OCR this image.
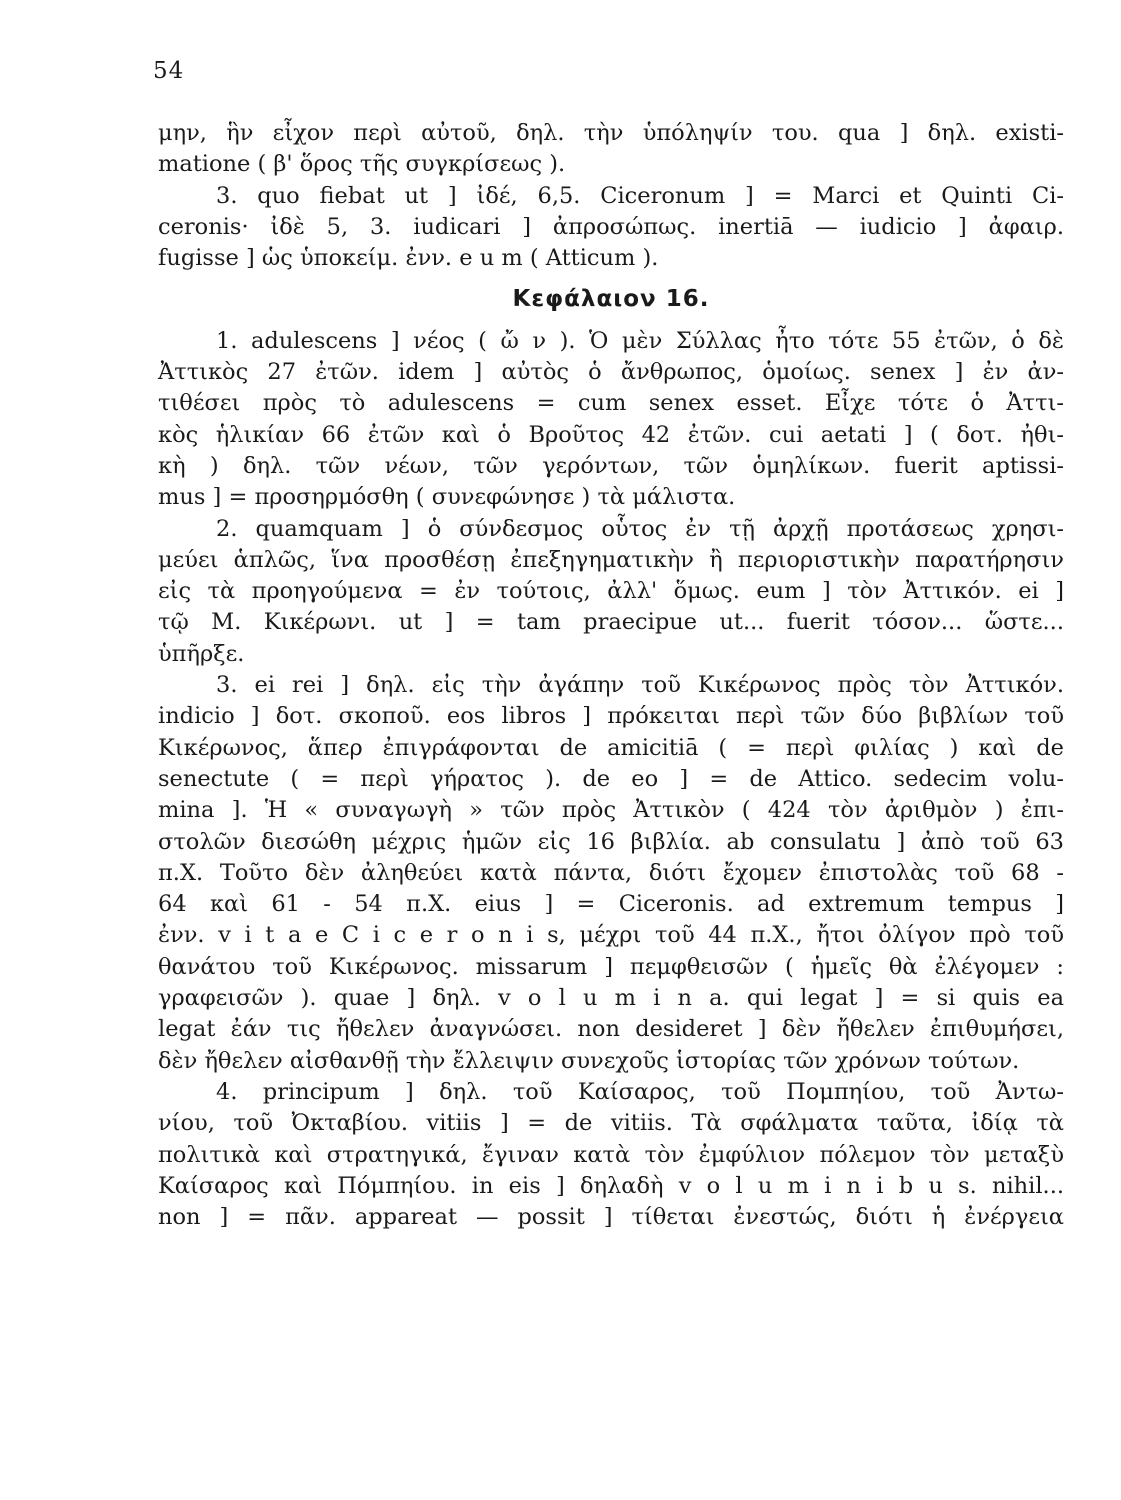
54
μην, ἣν εἶχον περὶ αὐτοῦ, δηλ. τὴν ὑπόληψίν του. qua ] δηλ. existi-
matione ( β' ὅρος τῆς συγκρίσεως ).
3. quo fiebat ut ] ἰδέ, 6,5. Ciceronum ] = Marci et Quinti Ci-
ceronis· ἰδὲ 5, 3. iudicari ] ἀπροσώπως. inertiā — iudicio ] ἀφαιρ.
fugisse ] ὡς ὑποκείμ. ἐνν. e u m ( Atticum ).
Κεφάλαιον 16.
1. adulescens ] νέος ( ὤ ν ). Ὁ μὲν Σύλλας ἦτο τότε 55 ἐτῶν, ὁ δὲ
Ἀττικὸς 27 ἐτῶν. idem ] αὐτὸς ὁ ἄνθρωπος, ὁμοίως. senex ] ἐν ἀν-
τιθέσει πρὸς τὸ adulescens = cum senex esset. Εἶχε τότε ὁ Ἀττι-
κὸς ἡλικίαν 66 ἐτῶν καὶ ὁ Βροῦτος 42 ἐτῶν. cui aetati ] ( δοτ. ἠθι-
κὴ ) δηλ. τῶν νέων, τῶν γερόντων, τῶν ὁμηλίκων. fuerit aptissi-
mus ] = προσηρμόσθη ( συνεφώνησε ) τὰ μάλιστα.
2. quamquam ] ὁ σύνδεσμος οὗτος ἐν τῇ ἀρχῇ προτάσεως χρησι-
μεύει ἁπλῶς, ἵνα προσθέσῃ ἐπεξηγηματικὴν ἢ περιοριστικὴν παρατήρησιν
εἰς τὰ προηγούμενα = ἐν τούτοις, ἀλλ' ὅμως. eum ] τὸν Ἀττικόν. ei ]
τῷ Μ. Κικέρωνι. ut ] = tam praecipue ut... fuerit τόσον... ὥστε...
ὑπῆρξε.
3. ei rei ] δηλ. εἰς τὴν ἀγάπην τοῦ Κικέρωνος πρὸς τὸν Ἀττικόν.
indicio ] δοτ. σκοποῦ. eos libros ] πρόκειται περὶ τῶν δύο βιβλίων τοῦ
Κικέρωνος, ἅπερ ἐπιγράφονται de amicitiā ( = περὶ φιλίας ) καὶ de
senectute ( = περὶ γήρατος ). de eo ] = de Attico. sedecim volu-
mina ]. Ἡ « συναγωγὴ » τῶν πρὸς Ἀττικὸν ( 424 τὸν ἀριθμὸν ) ἐπι-
στολῶν διεσώθη μέχρις ἡμῶν εἰς 16 βιβλία. ab consulatu ] ἀπὸ τοῦ 63
π.Χ. Τοῦτο δὲν ἀληθεύει κατὰ πάντα, διότι ἔχομεν ἐπιστολὰς τοῦ 68 -
64 καὶ 61 - 54 π.Χ. eius ] = Ciceronis. ad extremum tempus ]
ἐνν. v i t a e C i c e r o n i s, μέχρι τοῦ 44 π.Χ., ἤτοι ὀλίγον πρὸ τοῦ
θανάτου τοῦ Κικέρωνος. missarum ] πεμφθεισῶν ( ἡμεῖς θὰ ἐλέγομεν :
γραφεισῶν ). quae ] δηλ. v o l u m i n a. qui legat ] = si quis ea
legat ἐάν τις ἤθελεν ἀναγνώσει. non desideret ] δὲν ἤθελεν ἐπιθυμήσει,
δὲν ἤθελεν αἰσθανθῇ τὴν ἔλλειψιν συνεχοῦς ἱστορίας τῶν χρόνων τούτων.
4. principum ] δηλ. τοῦ Καίσαρος, τοῦ Πομπηίου, τοῦ Ἀντω-
νίου, τοῦ Ὀκταβίου. vitiis ] = de vitiis. Τὰ σφάλματα ταῦτα, ἰδίᾳ τὰ
πολιτικὰ καὶ στρατηγικά, ἔγιναν κατὰ τὸν ἐμφύλιον πόλεμον τὸν μεταξὺ
Καίσαρος καὶ Πόμπηίου. in eis ] δηλαδὴ v o l u m i n i b u s. nihil...
non ] = πᾶν. appareat — possit ] τίθεται ἐνεστώς, διότι ἡ ἐνέργεια
